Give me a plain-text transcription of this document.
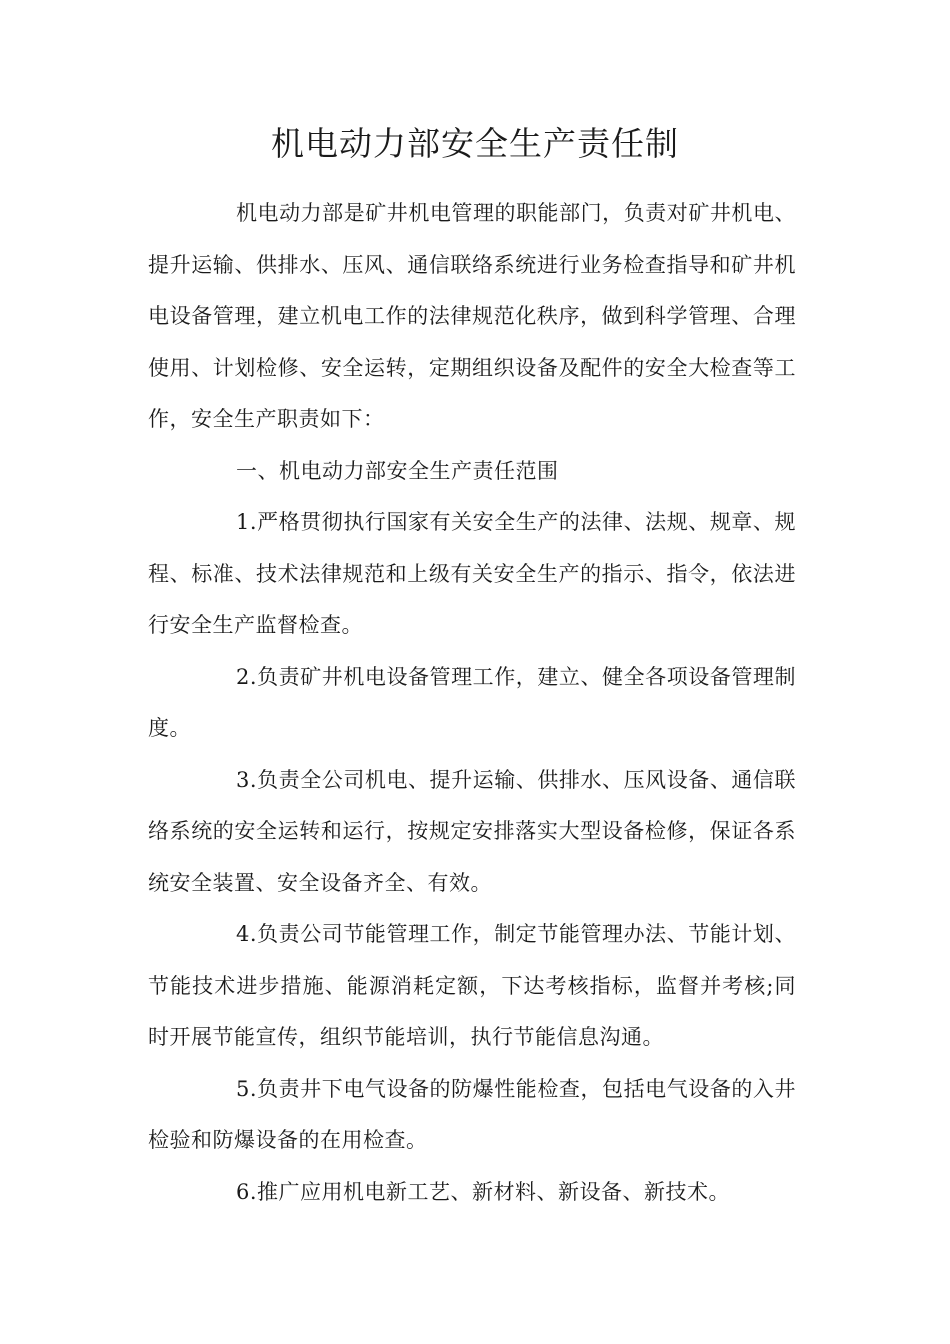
机电动力部安全生产责任制

机电动力部是矿井机电管理的职能部门，负责对矿井机电、提升运输、供排水、压风、通信联络系统进行业务检查指导和矿井机电设备管理，建立机电工作的法律规范化秩序，做到科学管理、合理使用、计划检修、安全运转，定期组织设备及配件的安全大检查等工作，安全生产职责如下：

一、机电动力部安全生产责任范围

1.严格贯彻执行国家有关安全生产的法律、法规、规章、规程、标准、技术法律规范和上级有关安全生产的指示、指令，依法进行安全生产监督检查。

2.负责矿井机电设备管理工作，建立、健全各项设备管理制度。

3.负责全公司机电、提升运输、供排水、压风设备、通信联络系统的安全运转和运行，按规定安排落实大型设备检修，保证各系统安全装置、安全设备齐全、有效。

4.负责公司节能管理工作，制定节能管理办法、节能计划、节能技术进步措施、能源消耗定额，下达考核指标，监督并考核;同时开展节能宣传，组织节能培训，执行节能信息沟通。

5.负责井下电气设备的防爆性能检查，包括电气设备的入井检验和防爆设备的在用检查。

6.推广应用机电新工艺、新材料、新设备、新技术。
